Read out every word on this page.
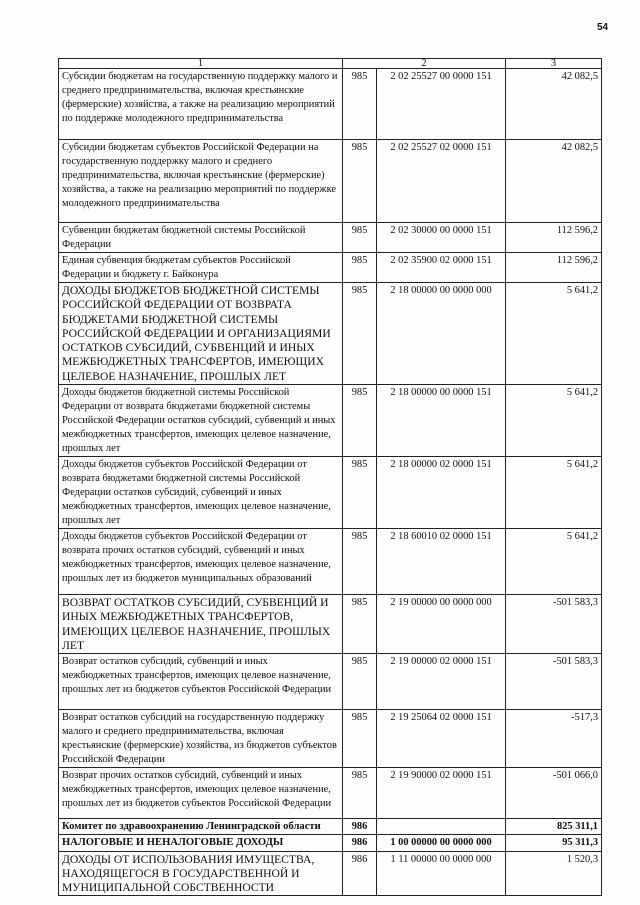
54
1	2		3
Субсидии бюджетам на государственную поддержку малого и среднего предпринимательства, включая крестьянские (фермерские) хозяйства, а также на реализацию мероприятий по поддержке молодежного предпринимательства	985	2 02 25527 00 0000 151	42 082,5
Субсидии бюджетам субъектов Российской Федерации на государственную поддержку малого и среднего предпринимательства, включая крестьянские (фермерские) хозяйства, а также на реализацию мероприятий по поддержке молодежного предпринимательства	985	2 02 25527 02 0000 151	42 082,5
Субвенции бюджетам бюджетной системы Российской Федерации	985	2 02 30000 00 0000 151	112 596,2
Единая субвенция бюджетам субъектов Российской Федерации и бюджету г. Байконура	985	2 02 35900 02 0000 151	112 596,2
ДОХОДЫ БЮДЖЕТОВ БЮДЖЕТНОЙ СИСТЕМЫ РОССИЙСКОЙ ФЕДЕРАЦИИ ОТ ВОЗВРАТА БЮДЖЕТАМИ БЮДЖЕТНОЙ СИСТЕМЫ РОССИЙСКОЙ ФЕДЕРАЦИИ И ОРГАНИЗАЦИЯМИ ОСТАТКОВ СУБСИДИЙ, СУБВЕНЦИЙ И ИНЫХ МЕЖБЮДЖЕТНЫХ ТРАНСФЕРТОВ, ИМЕЮЩИХ ЦЕЛЕВОЕ НАЗНАЧЕНИЕ, ПРОШЛЫХ ЛЕТ	985	2 18 00000 00 0000 000	5 641,2
Доходы бюджетов бюджетной системы Российской Федерации от возврата бюджетами бюджетной системы Российской Федерации остатков субсидий, субвенций и иных межбюджетных трансфертов, имеющих целевое назначение, прошлых лет	985	2 18 00000 00 0000 151	5 641,2
Доходы бюджетов субъектов Российской Федерации от возврата бюджетами бюджетной системы Российской Федерации остатков субсидий, субвенций и иных межбюджетных трансфертов, имеющих целевое назначение, прошлых лет	985	2 18 00000 02 0000 151	5 641,2
Доходы бюджетов субъектов Российской Федерации от возврата прочих остатков субсидий, субвенций и иных межбюджетных трансфертов, имеющих целевое назначение, прошлых лет из бюджетов муниципальных образований	985	2 18 60010 02 0000 151	5 641,2
ВОЗВРАТ ОСТАТКОВ СУБСИДИЙ, СУБВЕНЦИЙ И ИНЫХ МЕЖБЮДЖЕТНЫХ ТРАНСФЕРТОВ, ИМЕЮЩИХ ЦЕЛЕВОЕ НАЗНАЧЕНИЕ, ПРОШЛЫХ ЛЕТ	985	2 19 00000 00 0000 000	-501 583,3
Возврат остатков субсидий, субвенций и иных межбюджетных трансфертов, имеющих целевое назначение, прошлых лет из бюджетов субъектов Российской Федерации	985	2 19 00000 02 0000 151	-501 583,3
Возврат остатков субсидий на государственную поддержку малого и среднего предпринимательства, включая крестьянские (фермерские) хозяйства, из бюджетов субъектов Российской Федерации	985	2 19 25064 02 0000 151	-517,3
Возврат прочих остатков субсидий, субвенций и иных межбюджетных трансфертов, имеющих целевое назначение, прошлых лет из бюджетов субъектов Российской Федерации	985	2 19 90000 02 0000 151	-501 066,0
Комитет по здравоохранению Ленинградской области	986		825 311,1
НАЛОГОВЫЕ И НЕНАЛОГОВЫЕ ДОХОДЫ	986	1 00 00000 00 0000 000	95 311,3
ДОХОДЫ ОТ ИСПОЛЬЗОВАНИЯ ИМУЩЕСТВА, НАХОДЯЩЕГОСЯ В ГОСУДАРСТВЕННОЙ И МУНИЦИПАЛЬНОЙ СОБСТВЕННОСТИ	986	1 11 00000 00 0000 000	1 520,3
